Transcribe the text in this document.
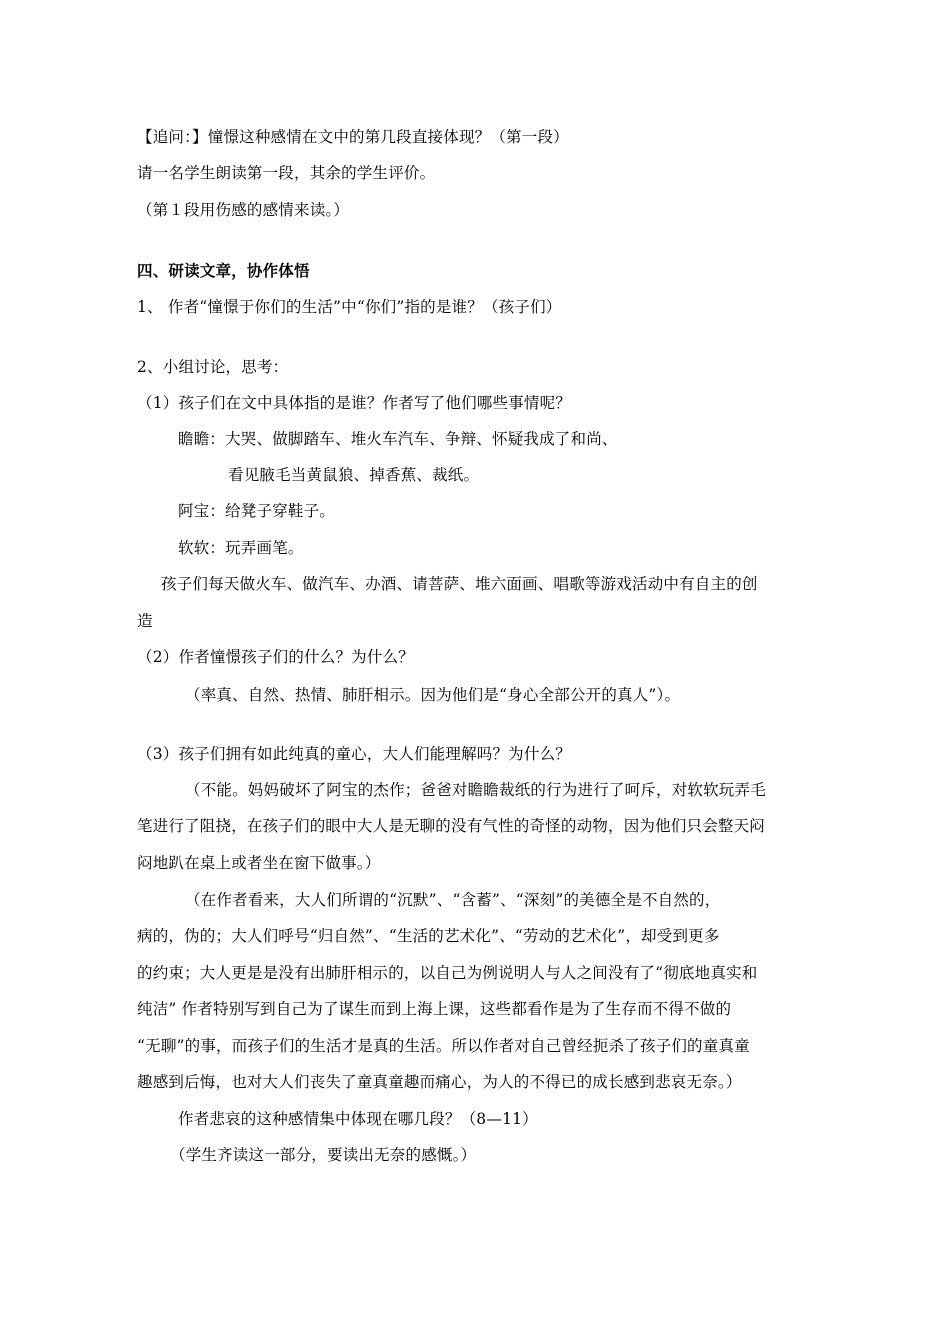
【追问：】憧憬这种感情在文中的第几段直接体现？（第一段）
请一名学生朗读第一段，其余的学生评价。
（第１段用伤感的感情来读。）
四、研读文章，协作体悟
1、 作者“憧憬于你们的生活”中“你们”指的是谁？（孩子们）
2、小组讨论，思考：
（1）孩子们在文中具体指的是谁？作者写了他们哪些事情呢？
瞻瞻：大哭、做脚踏车、堆火车汽车、争辩、怀疑我成了和尚、
看见腋毛当黄鼠狼、掉香蕉、裁纸。
阿宝：给凳子穿鞋子。
软软：玩弄画笔。
孩子们每天做火车、做汽车、办酒、请菩萨、堆六面画、唱歌等游戏活动中有自主的创
造
（2）作者憧憬孩子们的什么？为什么？
（率真、自然、热情、肺肝相示。因为他们是“身心全部公开的真人”）。
（3）孩子们拥有如此纯真的童心，大人们能理解吗？为什么？
（不能。妈妈破坏了阿宝的杰作；爸爸对瞻瞻裁纸的行为进行了呵斥，对软软玩弄毛
笔进行了阻挠，在孩子们的眼中大人是无聊的没有气性的奇怪的动物，因为他们只会整天闷
闷地趴在桌上或者坐在窗下做事。）
（在作者看来，大人们所谓的“沉默”、“含蓄”、“深刻”的美德全是不自然的，
病的，伪的；大人们呼号“归自然”、“生活的艺术化”、“劳动的艺术化”，却受到更多
的约束；大人更是是没有出肺肝相示的，以自己为例说明人与人之间没有了“彻底地真实和
纯洁” 作者特别写到自己为了谋生而到上海上课，这些都看作是为了生存而不得不做的
“无聊”的事，而孩子们的生活才是真的生活。所以作者对自己曾经扼杀了孩子们的童真童
趣感到后悔，也对大人们丧失了童真童趣而痛心，为人的不得已的成长感到悲哀无奈。）
作者悲哀的这种感情集中体现在哪几段？（8—11）
（学生齐读这一部分，要读出无奈的感慨。）
